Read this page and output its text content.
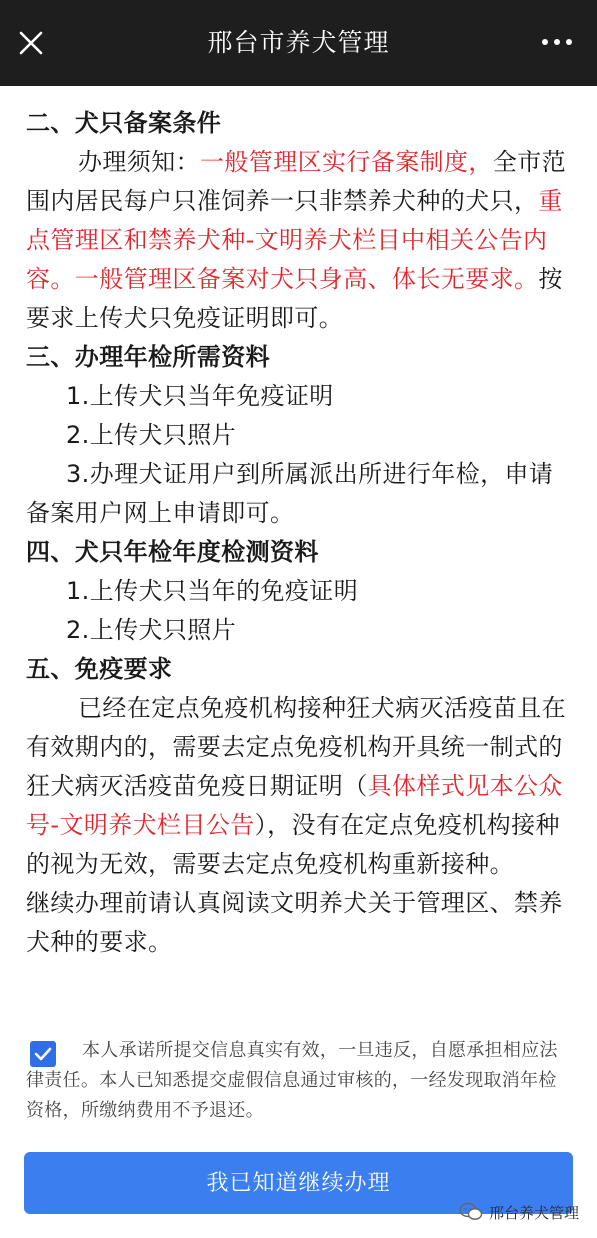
邢台市养犬管理
二、犬只备案条件
办理须知：一般管理区实行备案制度，全市范围内居民每户只准饲养一只非禁养犬种的犬只，重点管理区和禁养犬种-文明养犬栏目中相关公告内容。一般管理区备案对犬只身高、体长无要求。按要求上传犬只免疫证明即可。
三、办理年检所需资料
1.上传犬只当年免疫证明
2.上传犬只照片
3.办理犬证用户到所属派出所进行年检，申请备案用户网上申请即可。
四、犬只年检年度检测资料
1.上传犬只当年的免疫证明
2.上传犬只照片
五、免疫要求
已经在定点免疫机构接种狂犬病灭活疫苗且在有效期内的，需要去定点免疫机构开具统一制式的狂犬病灭活疫苗免疫日期证明（具体样式见本公众号-文明养犬栏目公告），没有在定点免疫机构接种的视为无效，需要去定点免疫机构重新接种。
继续办理前请认真阅读文明养犬关于管理区、禁养犬种的要求。
本人承诺所提交信息真实有效，一旦违反，自愿承担相应法律责任。本人已知悉提交虚假信息通过审核的，一经发现取消年检资格，所缴纳费用不予退还。
我已知道继续办理
邢台养犬管理
